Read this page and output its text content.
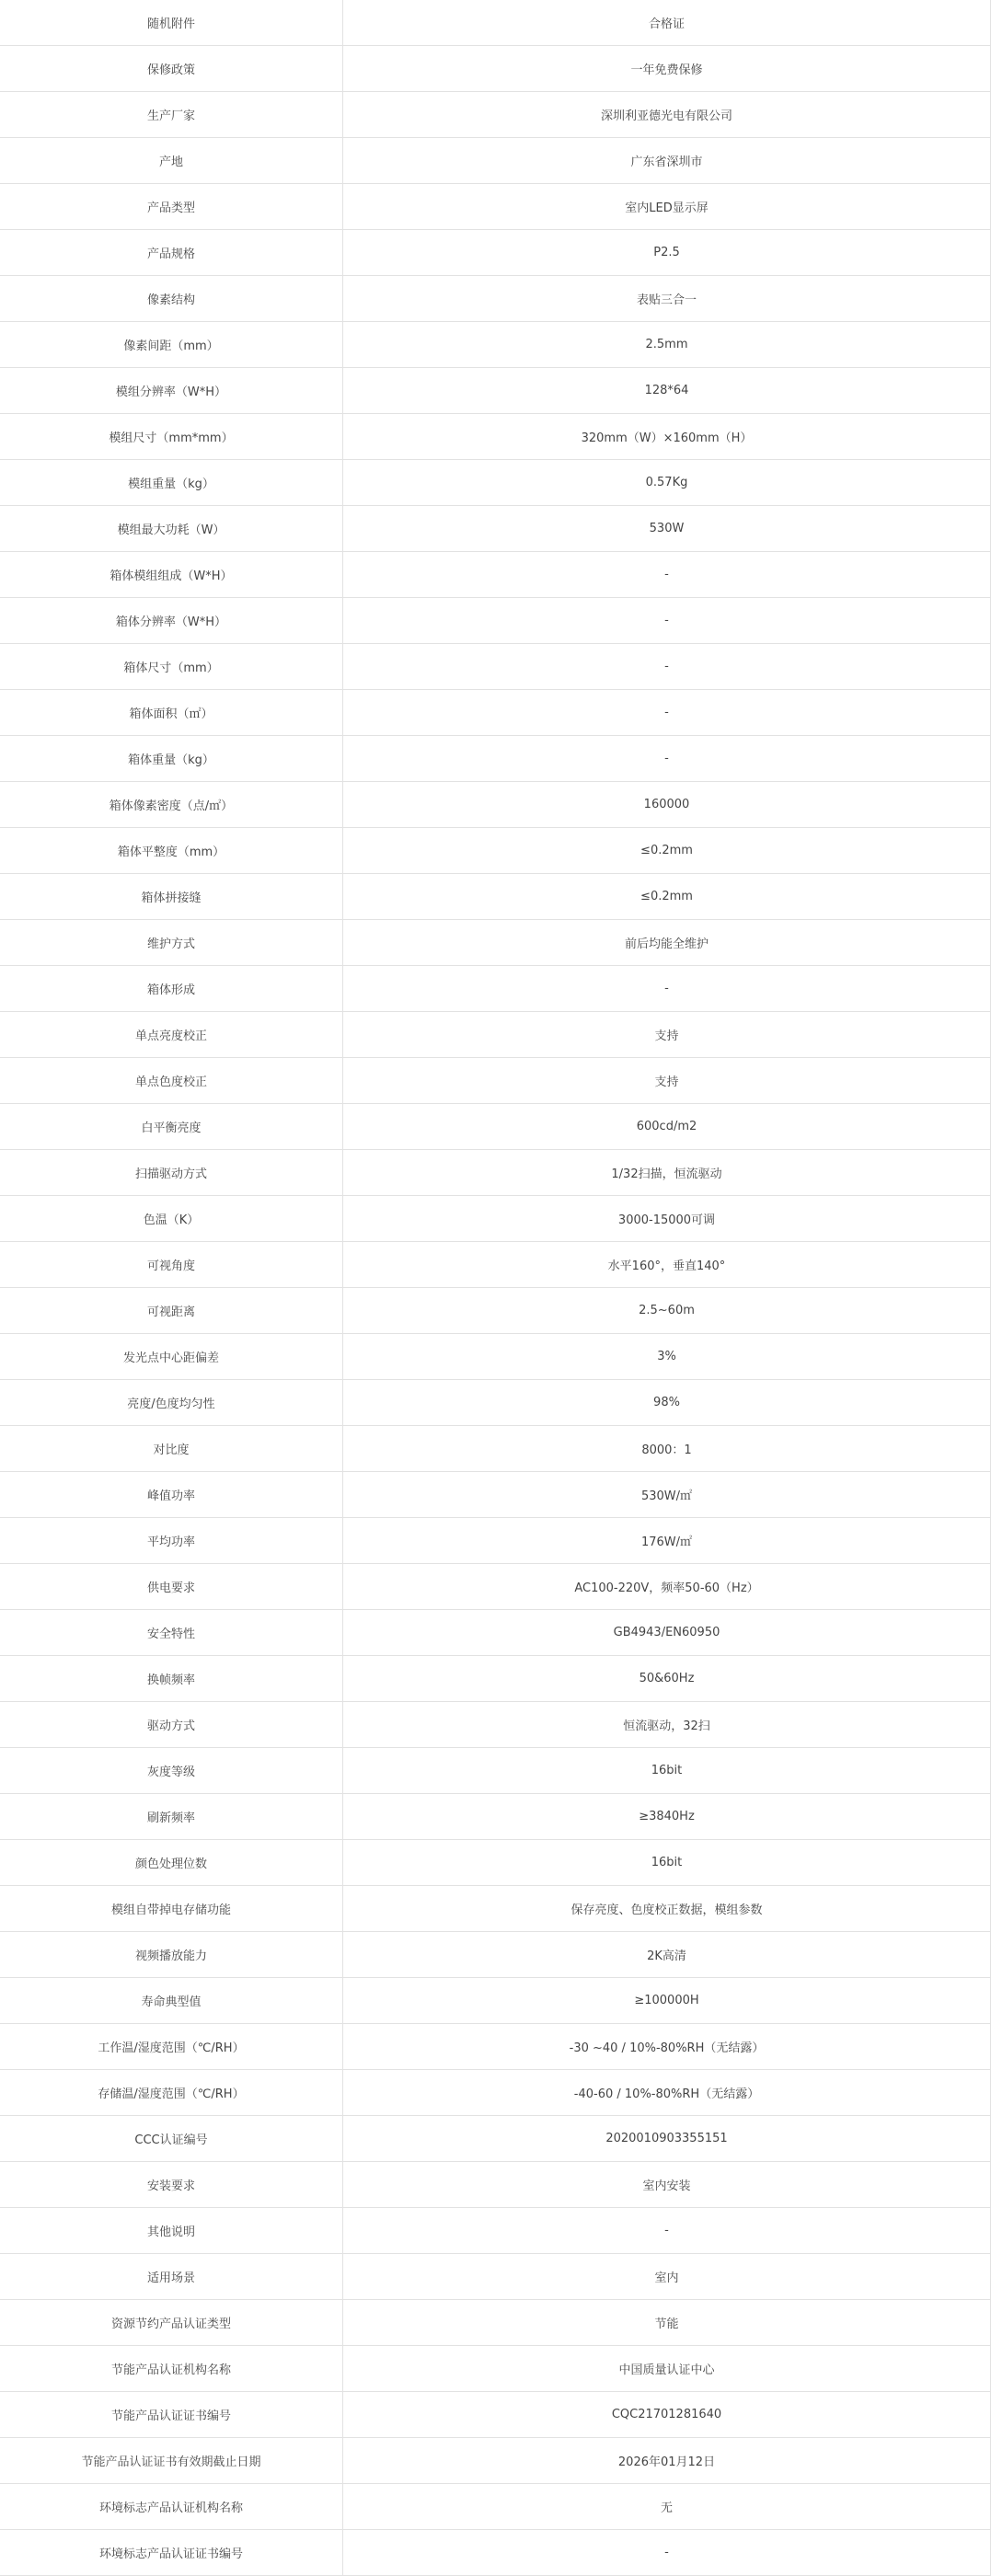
随机附件	合格证
保修政策	一年免费保修
生产厂家	深圳利亚德光电有限公司
产地	广东省深圳市
产品类型	室内LED显示屏
产品规格	P2.5
像素结构	表贴三合一
像素间距（mm）	2.5mm
模组分辨率（W*H）	128*64
模组尺寸（mm*mm）	320mm（W）×160mm（H）
模组重量（kg）	0.57Kg
模组最大功耗（W）	530W
箱体模组组成（W*H）	-
箱体分辨率（W*H）	-
箱体尺寸（mm）	-
箱体面积（㎡）	-
箱体重量（kg）	-
箱体像素密度（点/㎡）	160000
箱体平整度（mm）	≤0.2mm
箱体拼接缝	≤0.2mm
维护方式	前后均能全维护
箱体形成	-
单点亮度校正	支持
单点色度校正	支持
白平衡亮度	600cd/m2
扫描驱动方式	1/32扫描，恒流驱动
色温（K）	3000-15000可调
可视角度	水平160°，垂直140°
可视距离	2.5~60m
发光点中心距偏差	3%
亮度/色度均匀性	98%
对比度	8000：1
峰值功率	530W/㎡
平均功率	176W/㎡
供电要求	AC100-220V，频率50-60（Hz）
安全特性	GB4943/EN60950
换帧频率	50&60Hz
驱动方式	恒流驱动，32扫
灰度等级	16bit
刷新频率	≥3840Hz
颜色处理位数	16bit
模组自带掉电存储功能	保存亮度、色度校正数据，模组参数
视频播放能力	2K高清
寿命典型值	≥100000H
工作温/湿度范围（℃/RH）	-30 ~40 / 10%-80%RH（无结露）
存储温/湿度范围（℃/RH）	-40-60 / 10%-80%RH（无结露）
CCC认证编号	2020010903355151
安装要求	室内安装
其他说明	-
适用场景	室内
资源节约产品认证类型	节能
节能产品认证机构名称	中国质量认证中心
节能产品认证证书编号	CQC21701281640
节能产品认证证书有效期截止日期	2026年01月12日
环境标志产品认证机构名称	无
环境标志产品认证证书编号	-
